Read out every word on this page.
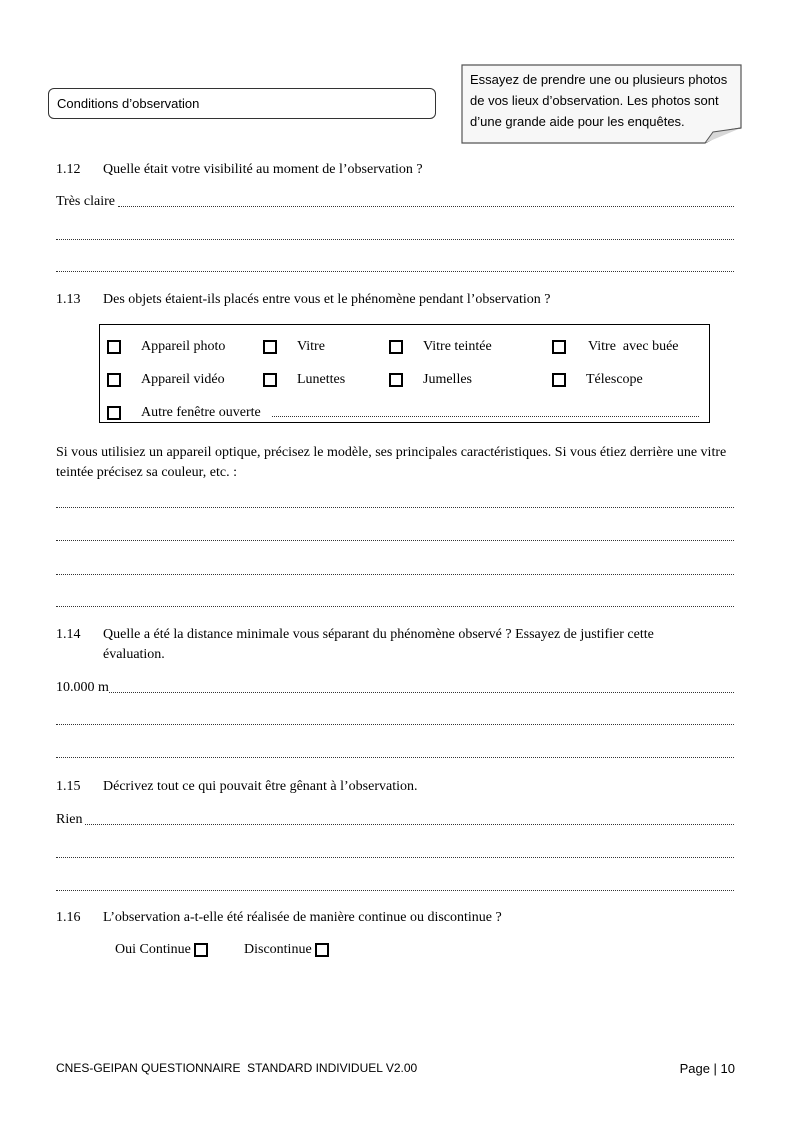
Conditions d’observation
Essayez de prendre une ou plusieurs photos de vos lieux d’observation. Les photos sont d’une grande aide pour les enquêtes.
1.12 Quelle était votre visibilité au moment de l’observation ?
Très claire
1.13 Des objets étaient-ils placés entre vous et le phénomène pendant l’observation ?
Appareil photo	Vitre	Vitre teintée	Vitre  avec buée
Appareil vidéo	Lunettes	Jumelles	Télescope
Autre fenêtre ouverte
Si vous utilisiez un appareil optique, précisez le modèle, ses principales caractéristiques. Si vous étiez derrière une vitre teintée précisez sa couleur, etc. :
1.14 Quelle a été la distance minimale vous séparant du phénomène observé ? Essayez de justifier cette
évaluation.
10.000 m
1.15 Décrivez tout ce qui pouvait être gênant à l’observation.
Rien
1.16 L’observation a-t-elle été réalisée de manière continue ou discontinue ?
Oui Continue	Discontinue
CNES-GEIPAN QUESTIONNAIRE  STANDARD INDIVIDUEL V2.00	Page | 10
